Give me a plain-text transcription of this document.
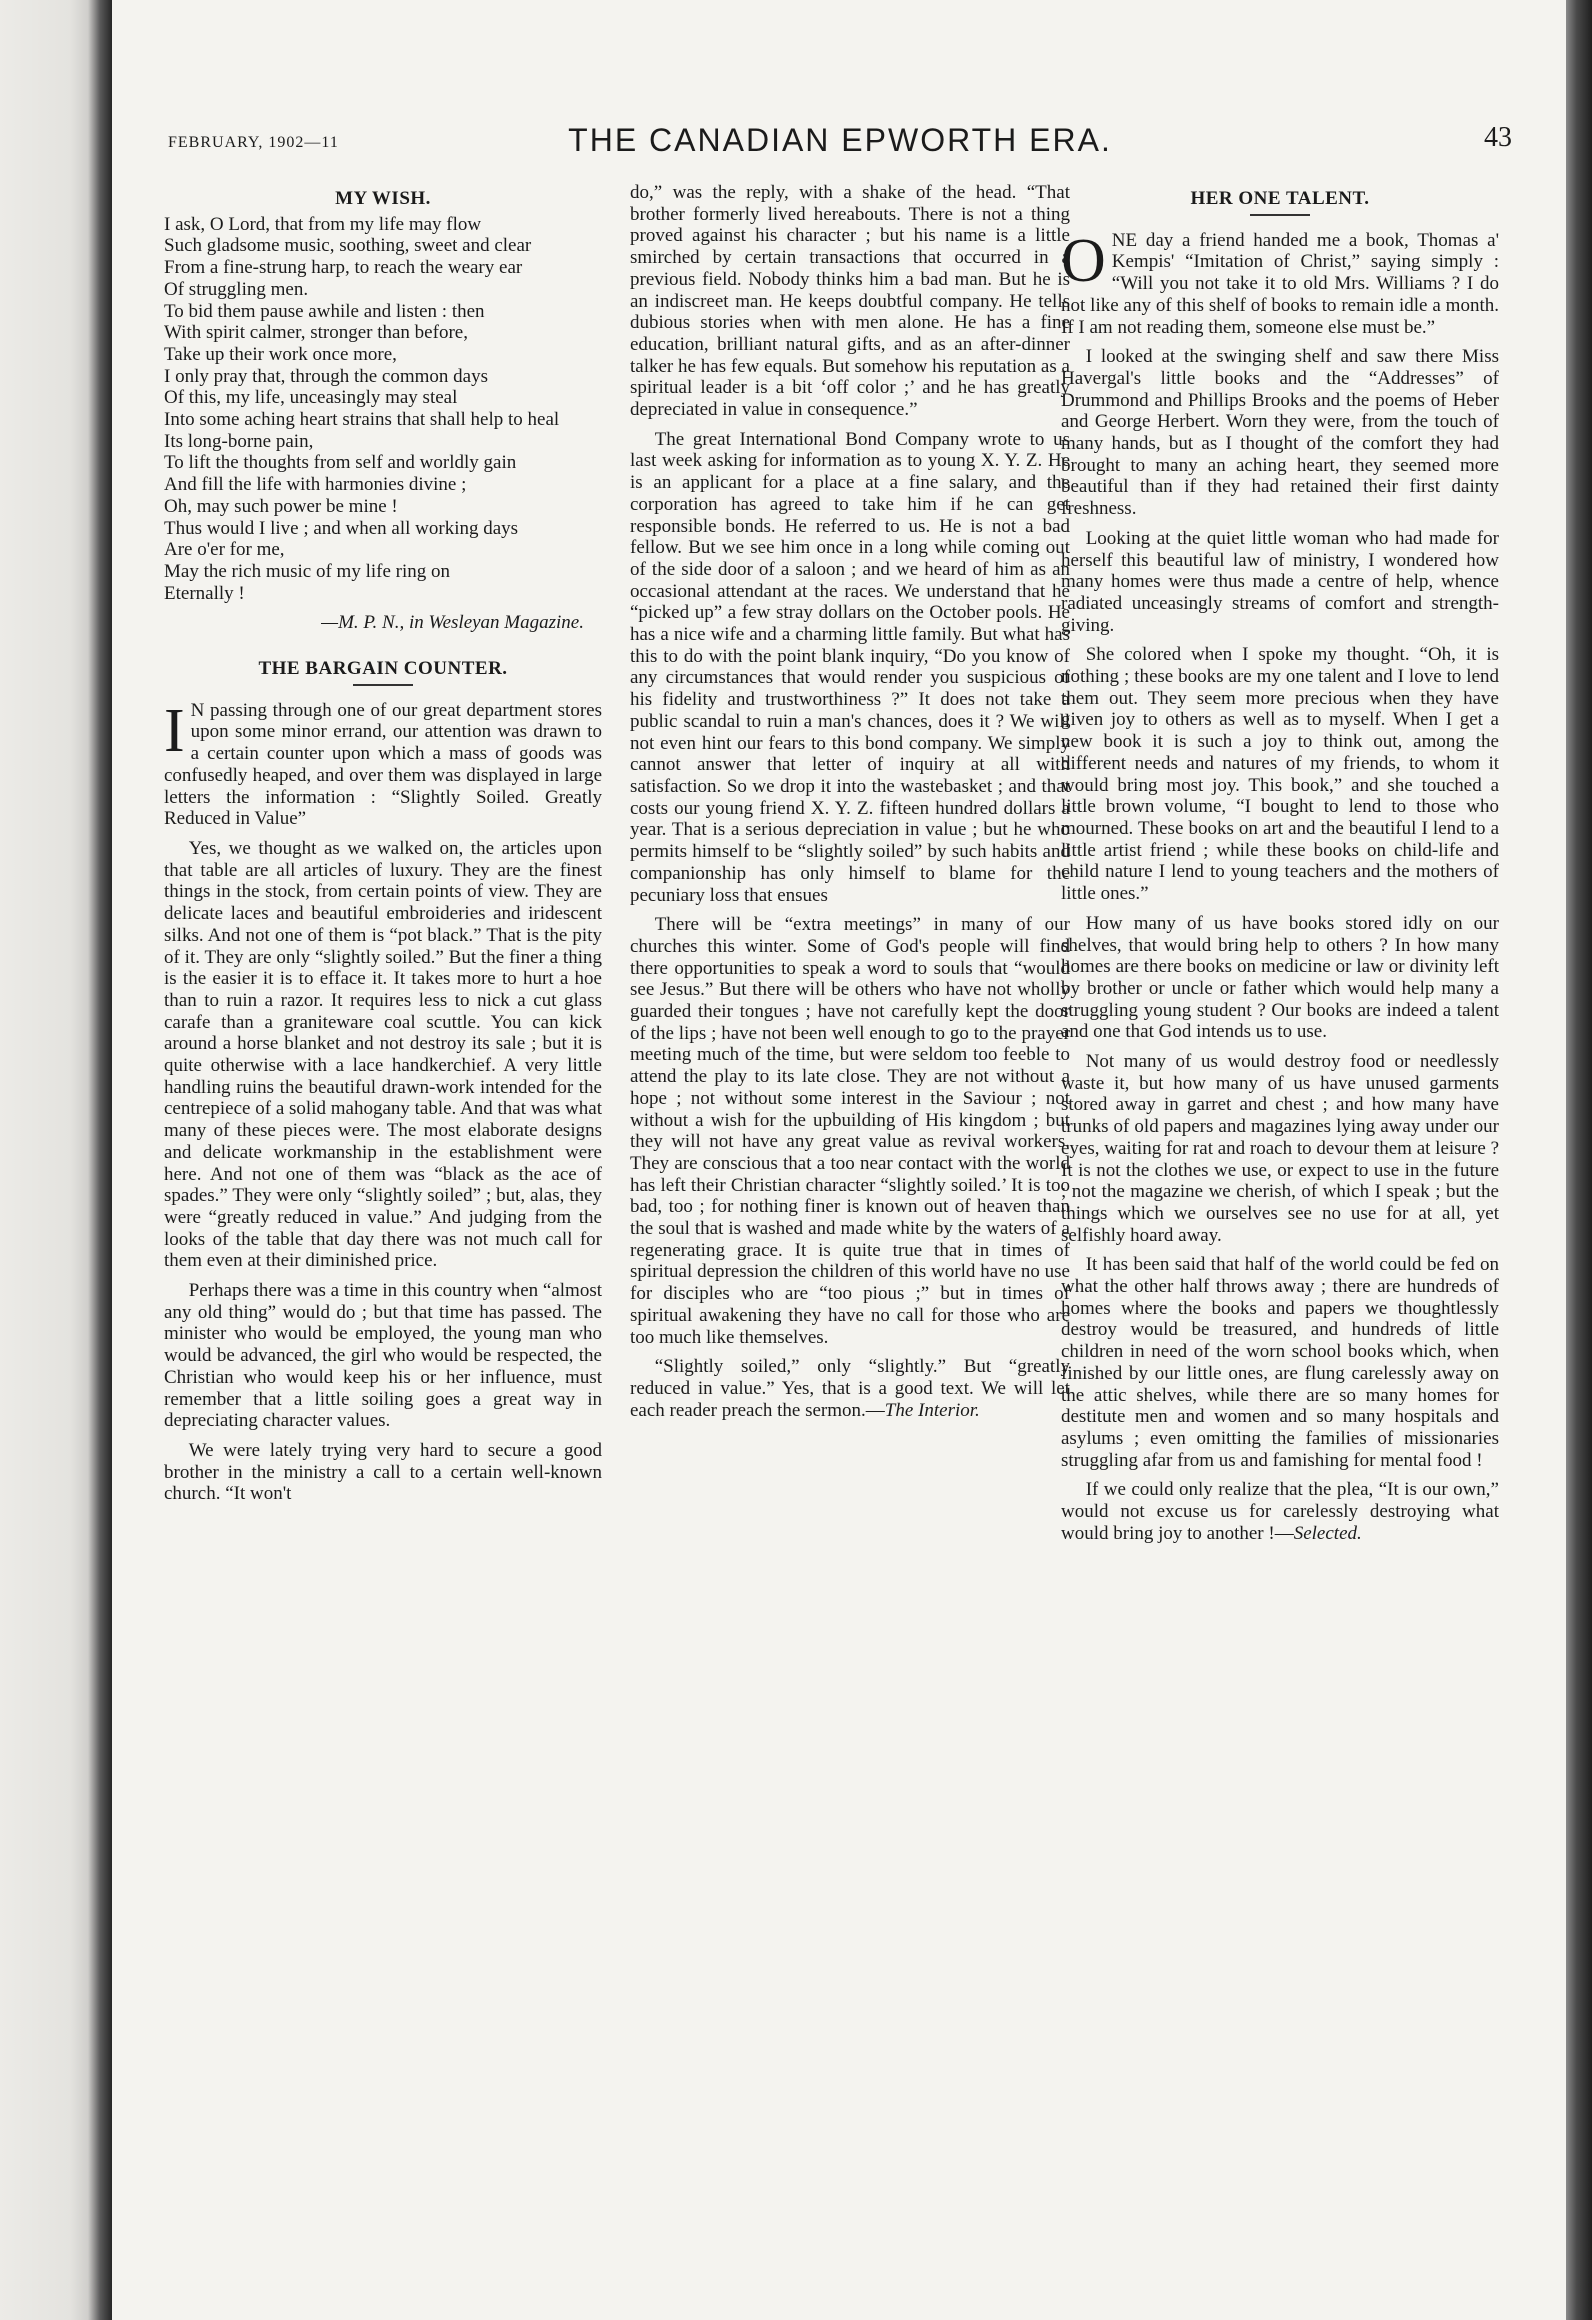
FEBRUARY, 1902—11	THE CANADIAN EPWORTH ERA.	43
MY WISH.
I ask, O Lord, that from my life may flow
Such gladsome music, soothing, sweet and clear
From a fine-strung harp, to reach the weary ear
Of struggling men.
To bid them pause awhile and listen : then
With spirit calmer, stronger than before,
Take up their work once more,
I only pray that, through the common days
Of this, my life, unceasingly may steal
Into some aching heart strains that shall help to heal
Its long-borne pain,
To lift the thoughts from self and worldly gain
And fill the life with harmonies divine ;
Oh, may such power be mine !
Thus would I live ; and when all working days
Are o'er for me,
May the rich music of my life ring on
Eternally !
—M. P. N., in Wesleyan Magazine.
THE BARGAIN COUNTER.

I N passing through one of our great department stores upon some minor errand, our attention was drawn to a certain counter upon which a mass of goods was confusedly heaped, and over them was displayed in large letters the information : “Slightly Soiled. Greatly Reduced in Value”

Yes, we thought as we walked on, the articles upon that table are all articles of luxury. They are the finest things in the stock, from certain points of view. They are delicate laces and beautiful embroideries and iridescent silks. And not one of them is “pot black.” That is the pity of it. They are only “slightly soiled.” But the finer a thing is the easier it is to efface it. It takes more to hurt a hoe than to ruin a razor. It requires less to nick a cut glass carafe than a graniteware coal scuttle. You can kick around a horse blanket and not destroy its sale ; but it is quite otherwise with a lace handkerchief. A very little handling ruins the beautiful drawn-work intended for the centrepiece of a solid mahogany table. And that was what many of these pieces were. The most elaborate designs and delicate workmanship in the establishment were here. And not one of them was “black as the ace of spades.” They were only “slightly soiled” ; but, alas, they were “greatly reduced in value.” And judging from the looks of the table that day there was not much call for them even at their diminished price.

Perhaps there was a time in this country when “almost any old thing” would do ; but that time has passed. The minister who would be employed, the young man who would be advanced, the girl who would be respected, the Christian who would keep his or her influence, must remember that a little soiling goes a great way in depreciating character values.

We were lately trying very hard to secure a good brother in the ministry a call to a certain well-known church. “It won't

do,” was the reply, with a shake of the head. “That brother formerly lived hereabouts. There is not a thing proved against his character ; but his name is a little smirched by certain transactions that occurred in a previous field. Nobody thinks him a bad man. But he is an indiscreet man. He keeps doubtful company. He tells dubious stories when with men alone. He has a fine education, brilliant natural gifts, and as an after-dinner talker he has few equals. But somehow his reputation as a spiritual leader is a bit ‘off color ;’ and he has greatly depreciated in value in consequence.”

The great International Bond Company wrote to us last week asking for information as to young X. Y. Z. He is an applicant for a place at a fine salary, and the corporation has agreed to take him if he can get responsible bonds. He referred to us. He is not a bad fellow. But we see him once in a long while coming out of the side door of a saloon ; and we heard of him as an occasional attendant at the races. We understand that he “picked up” a few stray dollars on the October pools. He has a nice wife and a charming little family. But what has this to do with the point blank inquiry, “Do you know of any circumstances that would render you suspicious of his fidelity and trustworthiness ?” It does not take a public scandal to ruin a man's chances, does it ? We will not even hint our fears to this bond company. We simply cannot answer that letter of inquiry at all with satisfaction. So we drop it into the wastebasket ; and that costs our young friend X. Y. Z. fifteen hundred dollars a year. That is a serious depreciation in value ; but he who permits himself to be “slightly soiled” by such habits and companionship has only himself to blame for the pecuniary loss that ensues

There will be “extra meetings” in many of our churches this winter. Some of God's people will find there opportunities to speak a word to souls that “would see Jesus.” But there will be others who have not wholly guarded their tongues ; have not carefully kept the door of the lips ; have not been well enough to go to the prayer meeting much of the time, but were seldom too feeble to attend the play to its late close. They are not without a hope ; not without some interest in the Saviour ; not without a wish for the upbuilding of His kingdom ; but they will not have any great value as revival workers. They are conscious that a too near contact with the world has left their Christian character “slightly soiled.’ It is too bad, too ; for nothing finer is known out of heaven than the soul that is washed and made white by the waters of a regenerating grace. It is quite true that in times of spiritual depression the children of this world have no use for disciples who are “too pious ;” but in times of spiritual awakening they have no call for those who are too much like themselves.

“Slightly soiled,” only “slightly.” But “greatly reduced in value.” Yes, that is a good text. We will let each reader preach the sermon.—The Interior.

HER ONE TALENT.

ONE day a friend handed me a book, Thomas a' Kempis' “Imitation of Christ,” saying simply : “Will you not take it to old Mrs. Williams ? I do not like any of this shelf of books to remain idle a month. If I am not reading them, someone else must be.”

I looked at the swinging shelf and saw there Miss Havergal's little books and the “Addresses” of Drummond and Phillips Brooks and the poems of Heber and George Herbert. Worn they were, from the touch of many hands, but as I thought of the comfort they had brought to many an aching heart, they seemed more beautiful than if they had retained their first dainty freshness.

Looking at the quiet little woman who had made for herself this beautiful law of ministry, I wondered how many homes were thus made a centre of help, whence radiated unceasingly streams of comfort and strength-giving.

She colored when I spoke my thought. “Oh, it is nothing ; these books are my one talent and I love to lend them out. They seem more precious when they have given joy to others as well as to myself. When I get a new book it is such a joy to think out, among the different needs and natures of my friends, to whom it would bring most joy. This book,” and she touched a little brown volume, “I bought to lend to those who mourned. These books on art and the beautiful I lend to a little artist friend ; while these books on child-life and child nature I lend to young teachers and the mothers of little ones.”

How many of us have books stored idly on our shelves, that would bring help to others ? In how many homes are there books on medicine or law or divinity left by brother or uncle or father which would help many a struggling young student ? Our books are indeed a talent and one that God intends us to use.

Not many of us would destroy food or needlessly waste it, but how many of us have unused garments stored away in garret and chest ; and how many have trunks of old papers and magazines lying away under our eyes, waiting for rat and roach to devour them at leisure ? It is not the clothes we use, or expect to use in the future ; not the magazine we cherish, of which I speak ; but the things which we ourselves see no use for at all, yet selfishly hoard away.

It has been said that half of the world could be fed on what the other half throws away ; there are hundreds of homes where the books and papers we thoughtlessly destroy would be treasured, and hundreds of little children in need of the worn school books which, when finished by our little ones, are flung carelessly away on the attic shelves, while there are so many homes for destitute men and women and so many hospitals and asylums ; even omitting the families of missionaries struggling afar from us and famishing for mental food !

If we could only realize that the plea, “It is our own,” would not excuse us for carelessly destroying what would bring joy to another !—Selected.
